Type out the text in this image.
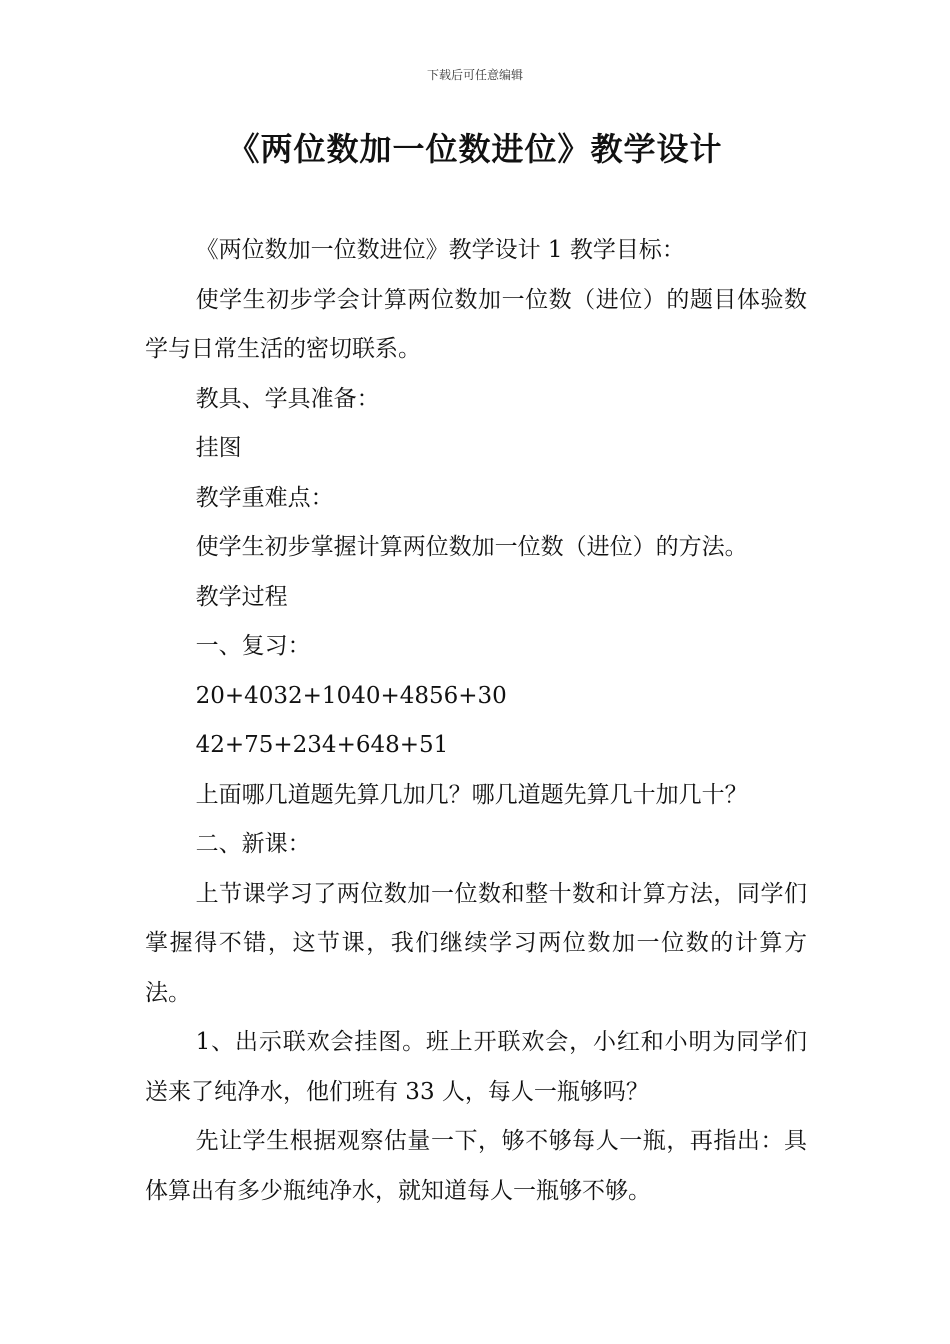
下载后可任意编辑
《两位数加一位数进位》教学设计

《两位数加一位数进位》教学设计 1 教学目标：

使学生初步学会计算两位数加一位数（进位）的题目体验数学与日常生活的密切联系。

教具、学具准备：

挂图

教学重难点：

使学生初步掌握计算两位数加一位数（进位）的方法。

教学过程

一、复习：

20+4032+1040+4856+30

42+75+234+648+51

上面哪几道题先算几加几？哪几道题先算几十加几十？

二、新课：

上节课学习了两位数加一位数和整十数和计算方法，同学们掌握得不错，这节课，我们继续学习两位数加一位数的计算方法。

1、出示联欢会挂图。班上开联欢会，小红和小明为同学们送来了纯净水，他们班有 33 人，每人一瓶够吗？

先让学生根据观察估量一下，够不够每人一瓶，再指出：具体算出有多少瓶纯净水，就知道每人一瓶够不够。
